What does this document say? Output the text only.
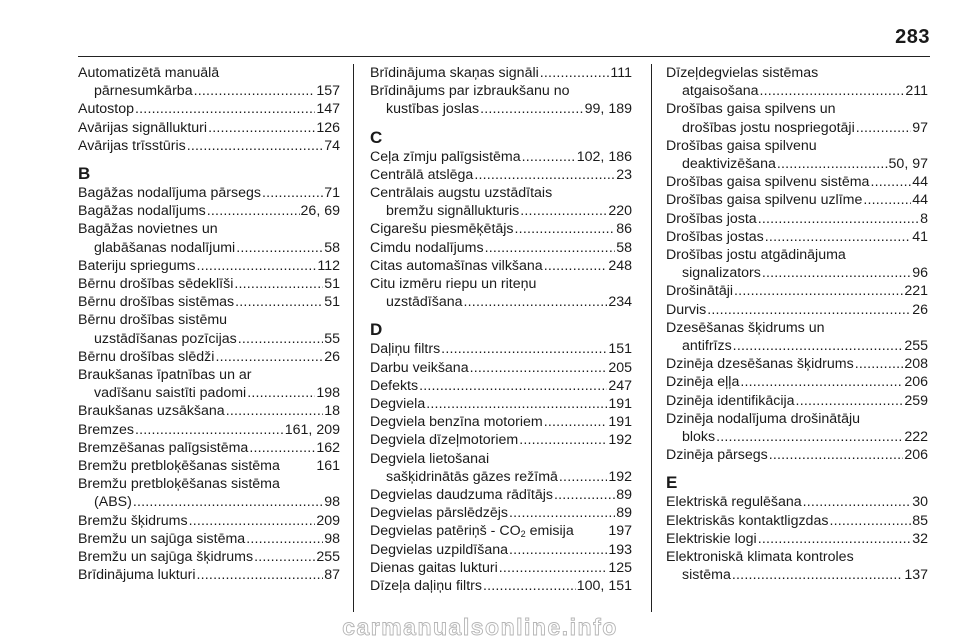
283
Automatizētā manuālā
pārnesumkārba .....	157
Autostop .....	147
Avārijas signāllukturi .....	126
Avārijas trīsstūris .....	74
B
Bagāžas nodalījuma pārsegs .....	71
Bagāžas nodalījums .....	26, 69
Bagāžas novietnes un
glabāšanas nodalījumi .....	58
Bateriju spriegums .....	112
Bērnu drošības sēdeklīši .....	51
Bērnu drošības sistēmas .....	51
Bērnu drošības sistēmu
uzstādīšanas pozīcijas .....	55
Bērnu drošības slēdži .....	26
Braukšanas īpatnības un ar
vadīšanu saistīti padomi .....	198
Braukšanas uzsākšana .....	18
Bremzes .....	161, 209
Bremzēšanas palīgsistēma .....	162
Bremžu pretbloķēšanas sistēma	161
Bremžu pretbloķēšanas sistēma
(ABS) .....	98
Bremžu šķidrums .....	209
Bremžu un sajūga sistēma .....	98
Bremžu un sajūga šķidrums .....	255
Brīdinājuma lukturi .....	87
Brīdinājuma skaņas signāli .....	111
Brīdinājums par izbraukšanu no
kustības joslas .....	99, 189
C
Ceļa zīmju palīgsistēma .....	102, 186
Centrālā atslēga .....	23
Centrālais augstu uzstādītais
bremžu signāllukturis .....	220
Cigarešu piesmēķētājs .....	86
Cimdu nodalījums .....	58
Citas automašīnas vilkšana .....	248
Citu izmēru riepu un riteņu
uzstādīšana .....	234
D
Daļiņu filtrs .....	151
Darbu veikšana .....	205
Defekts .....	247
Degviela .....	191
Degviela benzīna motoriem .....	191
Degviela dīzeļmotoriem .....	192
Degviela lietošanai
sašķidrinātās gāzes režīmā .....	192
Degvielas daudzuma rādītājs .....	89
Degvielas pārslēdzējs .....	89
Degvielas patēriņš - $CO_2$ emisija 197
Degvielas uzpildīšana .....	193
Dienas gaitas lukturi .....	125
Dīzeļa daļiņu filtrs .....	100, 151
Dīzeļdegvielas sistēmas
atgaisošana .....	211
Drošības gaisa spilvens un
drošības jostu nospriegotāji .....	97
Drošības gaisa spilvenu
deaktivizēšana .....	50, 97
Drošības gaisa spilvenu sistēma .....	44
Drošības gaisa spilvenu uzlīme .....	44
Drošības josta .....	8
Drošības jostas .....	41
Drošības jostu atgādinājuma
signalizators .....	96
Drošinātāji .....	221
Durvis .....	26
Dzesēšanas šķidrums un
antifrīzs .....	255
Dzinēja dzesēšanas šķidrums .....	208
Dzinēja eļļa .....	206
Dzinēja identifikācija .....	259
Dzinēja nodalījuma drošinātāju
bloks .....	222
Dzinēja pārsegs .....	206
E
Elektriskā regulēšana .....	30
Elektriskās kontaktligzdas .....	85
Elektriskie logi .....	32
Elektroniskā klimata kontroles
sistēma .....	137
carmanualsonline.info
